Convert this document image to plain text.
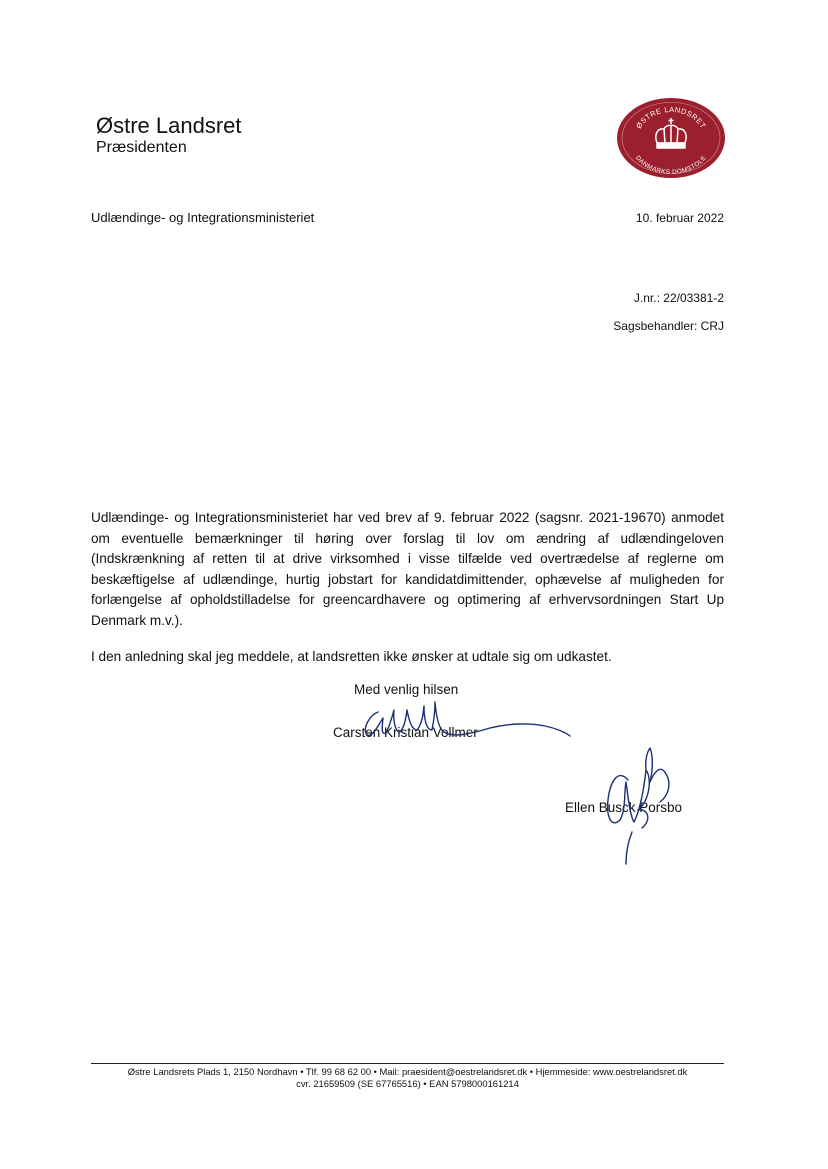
Østre Landsret
Præsidenten
ØSTRE LANDSRET
DANMARKS DOMSTOLE
Udlændinge- og Integrationsministeriet	10. februar 2022
J.nr.: 22/03381-2
Sagsbehandler: CRJ

Udlændinge- og Integrationsministeriet har ved brev af 9. februar 2022 (sagsnr. 2021-19670) anmodet om eventuelle bemærkninger til høring over forslag til lov om ændring af udlændingeloven (Indskrænkning af retten til at drive virksomhed i visse tilfælde ved overtrædelse af reglerne om beskæftigelse af udlændinge, hurtig jobstart for kandidatdimittender, ophævelse af muligheden for forlængelse af opholdstilladelse for greencardhavere og optimering af erhvervsordningen Start Up Denmark m.v.).

I den anledning skal jeg meddele, at landsretten ikke ønsker at udtale sig om udkastet.

Med venlig hilsen
Carsten Kristian Vollmer
Ellen Busck Porsbo
Østre Landsrets Plads 1, 2150 Nordhavn • Tlf. 99 68 62 00 • Mail: praesident@oestrelandsret.dk • Hjemmeside: www.oestrelandsret.dk
cvr. 21659509 (SE 67765516) • EAN 5798000161214
